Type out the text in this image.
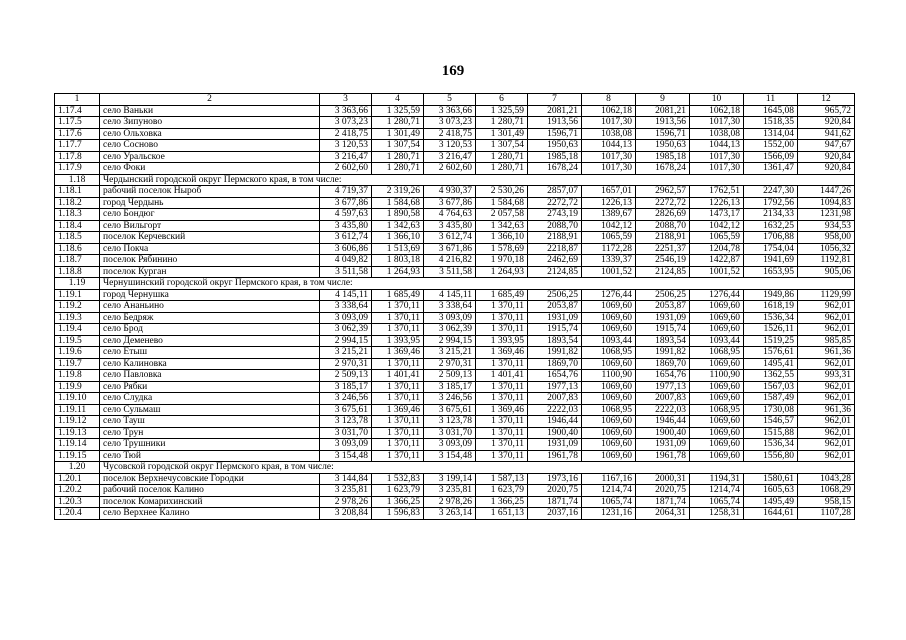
169
1	2	3	4	5	6	7	8	9	10	11	12
1.17.4	село Ваньки	3 363,66	1 325,59	3 363,66	1 325,59	2081,21	1062,18	2081,21	1062,18	1645,08	965,72
1.17.5	село Зипуново	3 073,23	1 280,71	3 073,23	1 280,71	1913,56	1017,30	1913,56	1017,30	1518,35	920,84
1.17.6	село Ольховка	2 418,75	1 301,49	2 418,75	1 301,49	1596,71	1038,08	1596,71	1038,08	1314,04	941,62
1.17.7	село Сосново	3 120,53	1 307,54	3 120,53	1 307,54	1950,63	1044,13	1950,63	1044,13	1552,00	947,67
1.17.8	село Уральское	3 216,47	1 280,71	3 216,47	1 280,71	1985,18	1017,30	1985,18	1017,30	1566,09	920,84
1.17.9	село Фоки	2 602,60	1 280,71	2 602,60	1 280,71	1678,24	1017,30	1678,24	1017,30	1361,47	920,84
1.18	Чердынский городской округ Пермского края, в том числе:										
1.18.1	рабочий поселок Ныроб	4 719,37	2 319,26	4 930,37	2 530,26	2857,07	1657,01	2962,57	1762,51	2247,30	1447,26
1.18.2	город Чердынь	3 677,86	1 584,68	3 677,86	1 584,68	2272,72	1226,13	2272,72	1226,13	1792,56	1094,83
1.18.3	село Бондюг	4 597,63	1 890,58	4 764,63	2 057,58	2743,19	1389,67	2826,69	1473,17	2134,33	1231,98
1.18.4	село Вильгорт	3 435,80	1 342,63	3 435,80	1 342,63	2088,70	1042,12	2088,70	1042,12	1632,25	934,53
1.18.5	поселок Керчевский	3 612,74	1 366,10	3 612,74	1 366,10	2188,91	1065,59	2188,91	1065,59	1706,88	958,00
1.18.6	село Покча	3 606,86	1 513,69	3 671,86	1 578,69	2218,87	1172,28	2251,37	1204,78	1754,04	1056,32
1.18.7	поселок Рябинино	4 049,82	1 803,18	4 216,82	1 970,18	2462,69	1339,37	2546,19	1422,87	1941,69	1192,81
1.18.8	поселок Курган	3 511,58	1 264,93	3 511,58	1 264,93	2124,85	1001,52	2124,85	1001,52	1653,95	905,06
1.19	Чернушинский городской округ Пермского края, в том числе:										
1.19.1	город Чернушка	4 145,11	1 685,49	4 145,11	1 685,49	2506,25	1276,44	2506,25	1276,44	1949,86	1129,99
1.19.2	село Ананьино	3 338,64	1 370,11	3 338,64	1 370,11	2053,87	1069,60	2053,87	1069,60	1618,19	962,01
1.19.3	село Бедряж	3 093,09	1 370,11	3 093,09	1 370,11	1931,09	1069,60	1931,09	1069,60	1536,34	962,01
1.19.4	село Брод	3 062,39	1 370,11	3 062,39	1 370,11	1915,74	1069,60	1915,74	1069,60	1526,11	962,01
1.19.5	село Деменево	2 994,15	1 393,95	2 994,15	1 393,95	1893,54	1093,44	1893,54	1093,44	1519,25	985,85
1.19.6	село Етыш	3 215,21	1 369,46	3 215,21	1 369,46	1991,82	1068,95	1991,82	1068,95	1576,61	961,36
1.19.7	село Калиновка	2 970,31	1 370,11	2 970,31	1 370,11	1869,70	1069,60	1869,70	1069,60	1495,41	962,01
1.19.8	село Павловка	2 509,13	1 401,41	2 509,13	1 401,41	1654,76	1100,90	1654,76	1100,90	1362,55	993,31
1.19.9	село Рябки	3 185,17	1 370,11	3 185,17	1 370,11	1977,13	1069,60	1977,13	1069,60	1567,03	962,01
1.19.10	село Слудка	3 246,56	1 370,11	3 246,56	1 370,11	2007,83	1069,60	2007,83	1069,60	1587,49	962,01
1.19.11	село Сульмаш	3 675,61	1 369,46	3 675,61	1 369,46	2222,03	1068,95	2222,03	1068,95	1730,08	961,36
1.19.12	село Тауш	3 123,78	1 370,11	3 123,78	1 370,11	1946,44	1069,60	1946,44	1069,60	1546,57	962,01
1.19.13	село Трун	3 031,70	1 370,11	3 031,70	1 370,11	1900,40	1069,60	1900,40	1069,60	1515,88	962,01
1.19.14	село Трушники	3 093,09	1 370,11	3 093,09	1 370,11	1931,09	1069,60	1931,09	1069,60	1536,34	962,01
1.19.15	село Тюй	3 154,48	1 370,11	3 154,48	1 370,11	1961,78	1069,60	1961,78	1069,60	1556,80	962,01
1.20	Чусовской городской округ Пермского края, в том числе:										
1.20.1	поселок Верхнечусовские Городки	3 144,84	1 532,83	3 199,14	1 587,13	1973,16	1167,16	2000,31	1194,31	1580,61	1043,28
1.20.2	рабочий поселок Калино	3 235,81	1 623,79	3 235,81	1 623,79	2020,75	1214,74	2020,75	1214,74	1605,63	1068,29
1.20.3	поселок Комарихинский	2 978,26	1 366,25	2 978,26	1 366,25	1871,74	1065,74	1871,74	1065,74	1495,49	958,15
1.20.4	село Верхнее Калино	3 208,84	1 596,83	3 263,14	1 651,13	2037,16	1231,16	2064,31	1258,31	1644,61	1107,28
